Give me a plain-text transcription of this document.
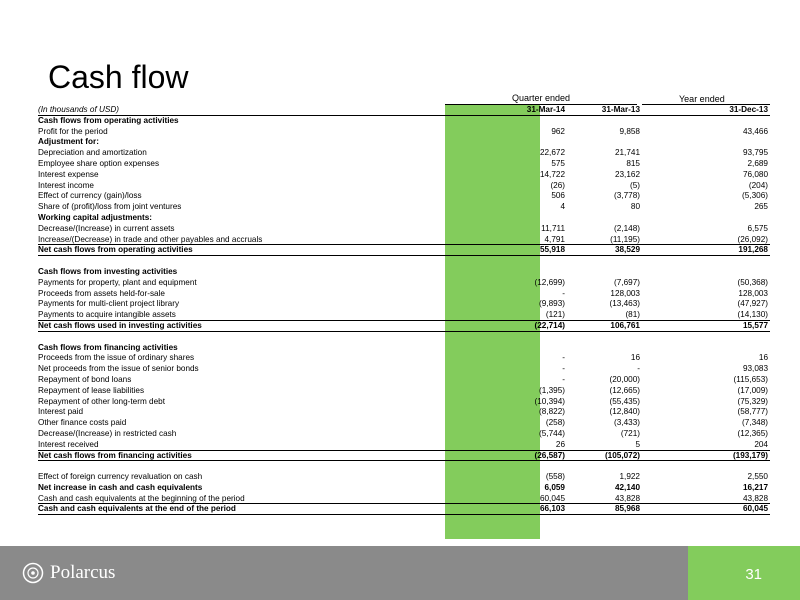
Cash flow
Quarter ended	Year ended
(In thousands of USD)	31-Mar-14	31-Mar-13	31-Dec-13
Cash flows from operating activities
Profit for the period	962	9,858	43,466
Adjustment for:
Depreciation and amortization	22,672	21,741	93,795
Employee share option expenses	575	815	2,689
Interest expense	14,722	23,162	76,080
Interest income	(26)	(5)	(204)
Effect of currency (gain)/loss	506	(3,778)	(5,306)
Share of (profit)/loss from joint ventures	4	80	265
Working capital adjustments:
Decrease/(Increase) in current assets	11,711	(2,148)	6,575
Increase/(Decrease) in trade and other payables and accruals	4,791	(11,195)	(26,092)
Net cash flows from operating activities	55,918	38,529	191,268
Cash flows from investing activities
Payments for property, plant and equipment	(12,699)	(7,697)	(50,368)
Proceeds from assets held-for-sale	-	128,003	128,003
Payments for multi-client project library	(9,893)	(13,463)	(47,927)
Payments to acquire intangible assets	(121)	(81)	(14,130)
Net cash flows used in investing activities	(22,714)	106,761	15,577
Cash flows from financing activities
Proceeds from the issue of ordinary shares	-	16	16
Net proceeds from the issue of senior bonds	-	-	93,083
Repayment of bond loans	-	(20,000)	(115,653)
Repayment of lease liabilities	(1,395)	(12,665)	(17,009)
Repayment of other long-term debt	(10,394)	(55,435)	(75,329)
Interest paid	(8,822)	(12,840)	(58,777)
Other finance costs paid	(258)	(3,433)	(7,348)
Decrease/(Increase) in restricted cash	(5,744)	(721)	(12,365)
Interest received	26	5	204
Net cash flows from financing activities	(26,587)	(105,072)	(193,179)
Effect of foreign currency revaluation on cash	(558)	1,922	2,550
Net increase in cash and cash equivalents	6,059	42,140	16,217
Cash and cash equivalents at the beginning of the period	60,045	43,828	43,828
Cash and cash equivalents at the end of the period	66,103	85,968	60,045
31
Polarcus
